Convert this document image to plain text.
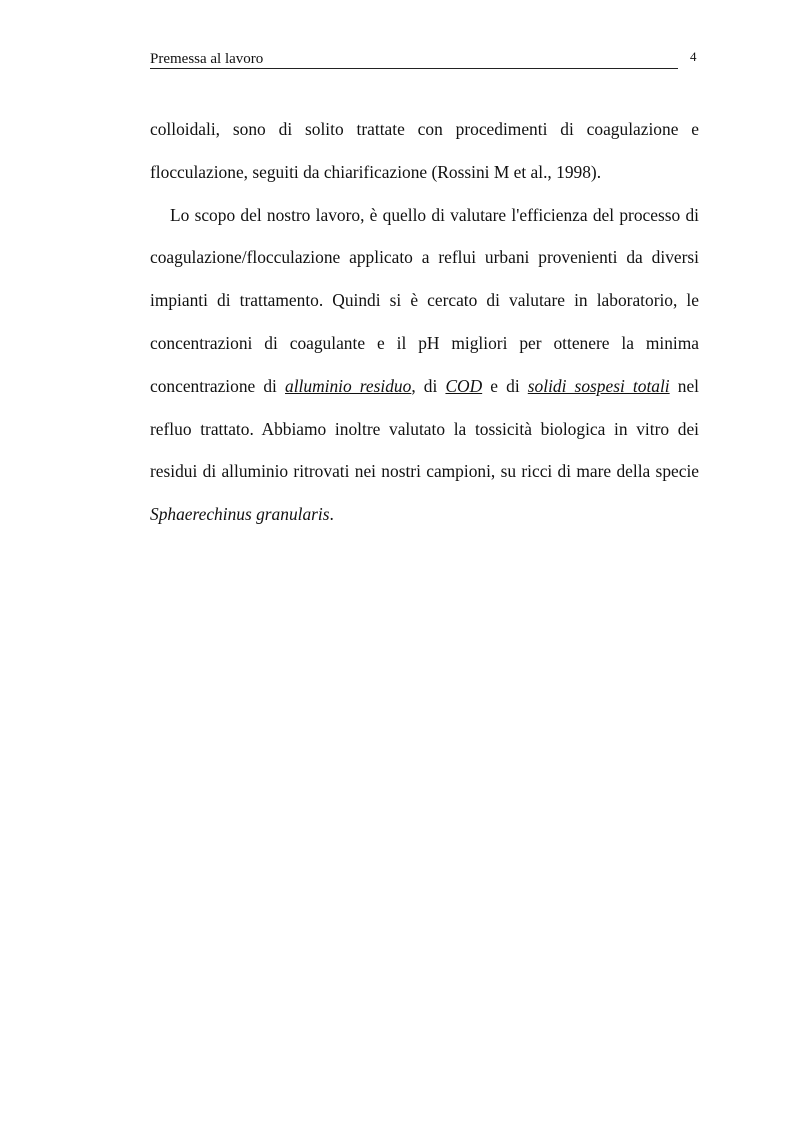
Premessa al lavoro	4

colloidali, sono di solito trattate con procedimenti di coagulazione e flocculazione, seguiti da chiarificazione (Rossini M et al., 1998).

Lo scopo del nostro lavoro, è quello di valutare l'efficienza del processo di coagulazione/flocculazione applicato a reflui urbani provenienti da diversi impianti di trattamento. Quindi si è cercato di valutare in laboratorio, le concentrazioni di coagulante e il pH migliori per ottenere la minima concentrazione di alluminio residuo, di COD e di solidi sospesi totali nel refluo trattato. Abbiamo inoltre valutato la tossicità biologica in vitro dei residui di alluminio ritrovati nei nostri campioni, su ricci di mare della specie Sphaerechinus granularis.
